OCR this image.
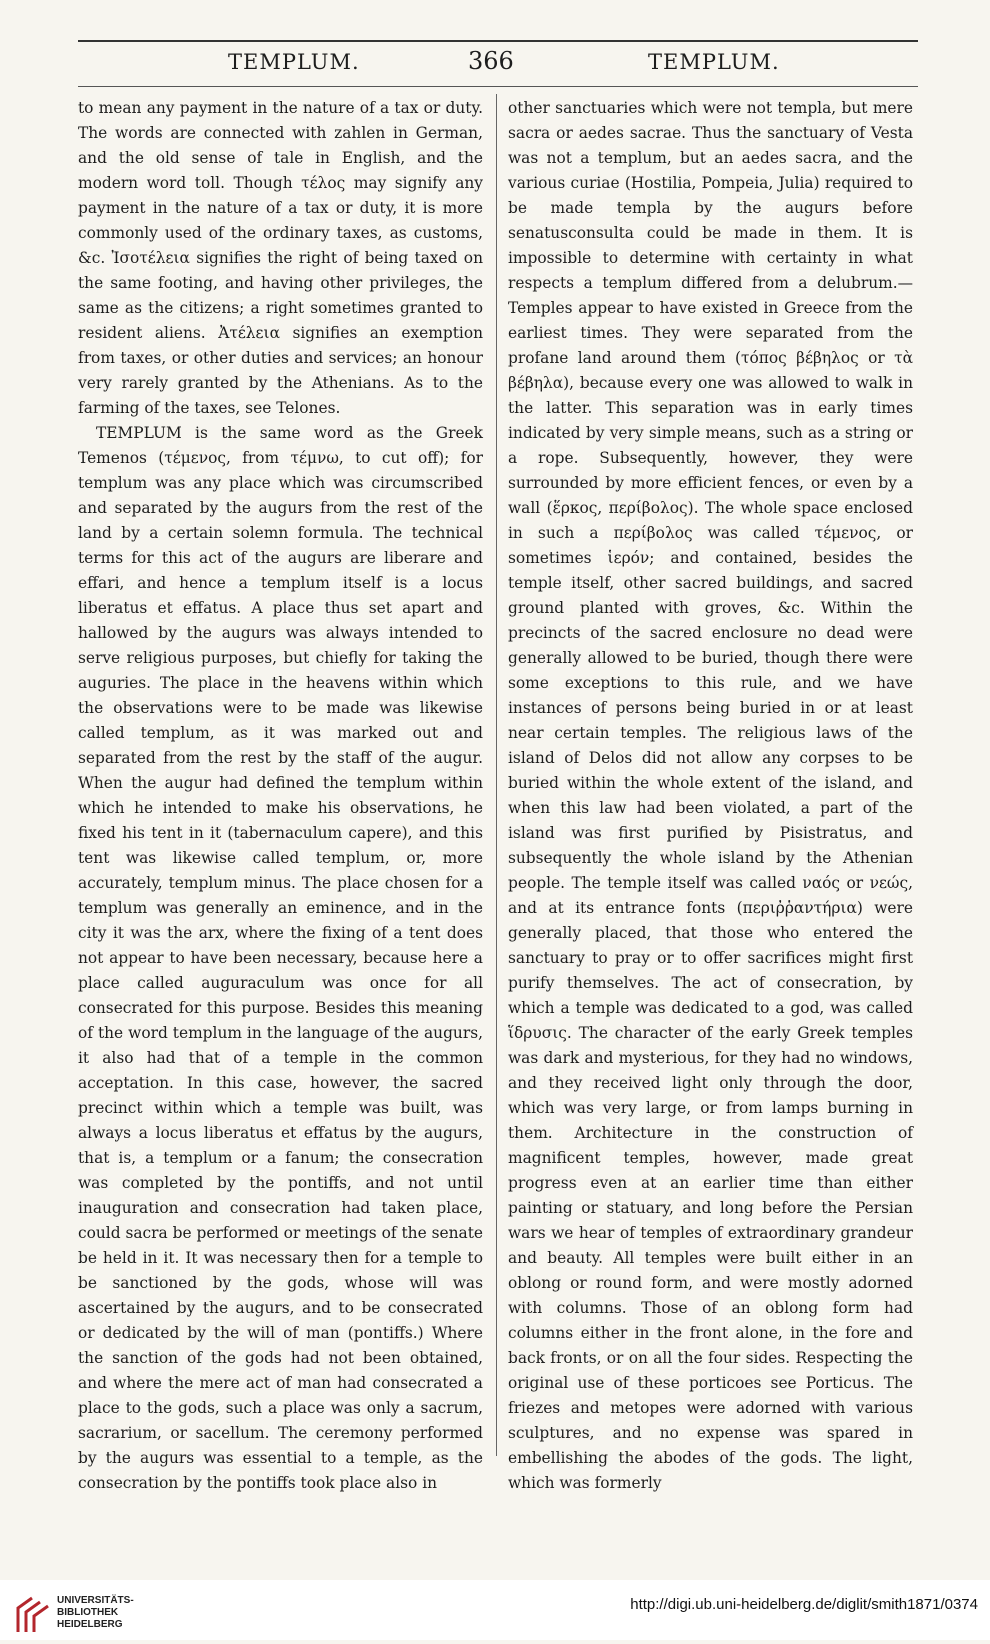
TEMPLUM.	366	TEMPLUM.

to mean any payment in the nature of a tax or duty. The words are connected with zahlen in German, and the old sense of tale in English, and the modern word toll. Though τέλος may signify any payment in the nature of a tax or duty, it is more commonly used of the ordinary taxes, as customs, &c. Ἰσοτέλεια signifies the right of being taxed on the same footing, and having other privileges, the same as the citizens; a right sometimes granted to resident aliens. Ἀτέλεια signifies an exemption from taxes, or other duties and services; an honour very rarely granted by the Athenians. As to the farming of the taxes, see Telones.

TEMPLUM is the same word as the Greek Temenos (τέμενος, from τέμνω, to cut off); for templum was any place which was circumscribed and separated by the augurs from the rest of the land by a certain solemn formula. The technical terms for this act of the augurs are liberare and effari, and hence a templum itself is a locus liberatus et effatus. A place thus set apart and hallowed by the augurs was always intended to serve religious purposes, but chiefly for taking the auguries. The place in the heavens within which the observations were to be made was likewise called templum, as it was marked out and separated from the rest by the staff of the augur. When the augur had defined the templum within which he intended to make his observations, he fixed his tent in it (tabernaculum capere), and this tent was likewise called templum, or, more accurately, templum minus. The place chosen for a templum was generally an eminence, and in the city it was the arx, where the fixing of a tent does not appear to have been necessary, because here a place called auguraculum was once for all consecrated for this purpose. Besides this meaning of the word templum in the language of the augurs, it also had that of a temple in the common acceptation. In this case, however, the sacred precinct within which a temple was built, was always a locus liberatus et effatus by the augurs, that is, a templum or a fanum; the consecration was completed by the pontiffs, and not until inauguration and consecration had taken place, could sacra be performed or meetings of the senate be held in it. It was necessary then for a temple to be sanctioned by the gods, whose will was ascertained by the augurs, and to be consecrated or dedicated by the will of man (pontiffs.) Where the sanction of the gods had not been obtained, and where the mere act of man had consecrated a place to the gods, such a place was only a sacrum, sacrarium, or sacellum. The ceremony performed by the augurs was essential to a temple, as the consecration by the pontiffs took place also in

other sanctuaries which were not templa, but mere sacra or aedes sacrae. Thus the sanctuary of Vesta was not a templum, but an aedes sacra, and the various curiae (Hostilia, Pompeia, Julia) required to be made templa by the augurs before senatusconsulta could be made in them. It is impossible to determine with certainty in what respects a templum differed from a delubrum.—Temples appear to have existed in Greece from the earliest times. They were separated from the profane land around them (τόπος βέβηλος or τὰ βέβηλα), because every one was allowed to walk in the latter. This separation was in early times indicated by very simple means, such as a string or a rope. Subsequently, however, they were surrounded by more efficient fences, or even by a wall (ἕρκος, περίβολος). The whole space enclosed in such a περίβολος was called τέμενος, or sometimes ἱερόν; and contained, besides the temple itself, other sacred buildings, and sacred ground planted with groves, &c. Within the precincts of the sacred enclosure no dead were generally allowed to be buried, though there were some exceptions to this rule, and we have instances of persons being buried in or at least near certain temples. The religious laws of the island of Delos did not allow any corpses to be buried within the whole extent of the island, and when this law had been violated, a part of the island was first purified by Pisistratus, and subsequently the whole island by the Athenian people. The temple itself was called ναός or νεώς, and at its entrance fonts (περιῤῥαντήρια) were generally placed, that those who entered the sanctuary to pray or to offer sacrifices might first purify themselves. The act of consecration, by which a temple was dedicated to a god, was called ἵδρυσις. The character of the early Greek temples was dark and mysterious, for they had no windows, and they received light only through the door, which was very large, or from lamps burning in them. Architecture in the construction of magnificent temples, however, made great progress even at an earlier time than either painting or statuary, and long before the Persian wars we hear of temples of extraordinary grandeur and beauty. All temples were built either in an oblong or round form, and were mostly adorned with columns. Those of an oblong form had columns either in the front alone, in the fore and back fronts, or on all the four sides. Respecting the original use of these porticoes see Porticus. The friezes and metopes were adorned with various sculptures, and no expense was spared in embellishing the abodes of the gods. The light, which was formerly

UNIVERSITÄTS-
BIBLIOTHEK
HEIDELBERG
http://digi.ub.uni-heidelberg.de/diglit/smith1871/0374
